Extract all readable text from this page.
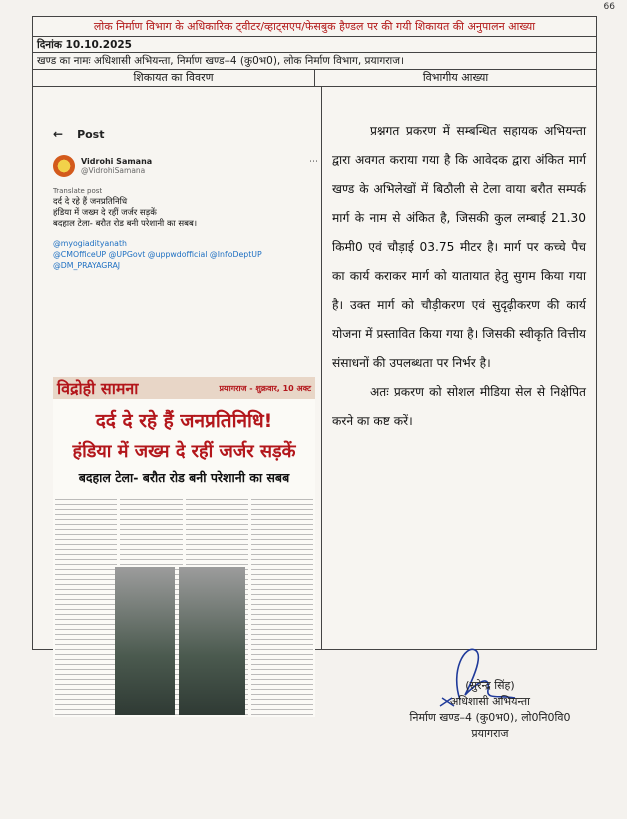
66
लोक निर्माण विभाग के अधिकारिक ट्वीटर/व्हाट्सएप/फेसबुक हैण्डल पर की गयी शिकायत की अनुपालन आख्या
दिनांक 10.10.2025
खण्ड का नामः अधिशासी अभियन्ता, निर्माण खण्ड–4 (कु0भ0), लोक निर्माण विभाग, प्रयागराज।
शिकायत का विवरण	विभागीय आख्या
← Post
Vidrohi Samana
@VidrohiSamana
⋯
Translate post
दर्द दे रहे हैं जनप्रतिनिधि
हंडिया में जख्म दे रहीं जर्जर सड़कें
बदहाल टेला- बरौत रोड बनी परेशानी का सबब।
@myogiadityanath
@CMOfficeUP @UPGovt @uppwdofficial @InfoDeptUP
@DM_PRAYAGRAJ
विद्रोही सामना	प्रयागराज - शुक्रवार, 10 अक्ट
दर्द दे रहे हैं जनप्रतिनिधि!
हंडिया में जख्म दे रहीं जर्जर सड़कें
बदहाल टेला- बरौत रोड बनी परेशानी का सबब

प्रश्नगत प्रकरण में सम्बन्धित सहायक अभियन्ता द्वारा अवगत कराया गया है कि आवेदक द्वारा अंकित मार्ग खण्ड के अभिलेखों में बिठौली से टेला वाया बरौत सम्पर्क मार्ग के नाम से अंकित है, जिसकी कुल लम्बाई 21.30 किमी0 एवं चौड़ाई 03.75 मीटर है। मार्ग पर कच्चे पैच का कार्य कराकर मार्ग को यातायात हेतु सुगम किया गया है। उक्त मार्ग को चौड़ीकरण एवं सुदृढ़ीकरण की कार्य योजना में प्रस्तावित किया गया है। जिसकी स्वीकृति वित्तीय संसाधनों की उपलब्धता पर निर्भर है।

अतः प्रकरण को सोशल मीडिया सेल से निक्षेपित करने का कष्ट करें।

(सुरेन्द्र सिंह)
अधिशासी अभियन्ता
निर्माण खण्ड–4 (कु0भ0), लो0नि0वि0
प्रयागराज
